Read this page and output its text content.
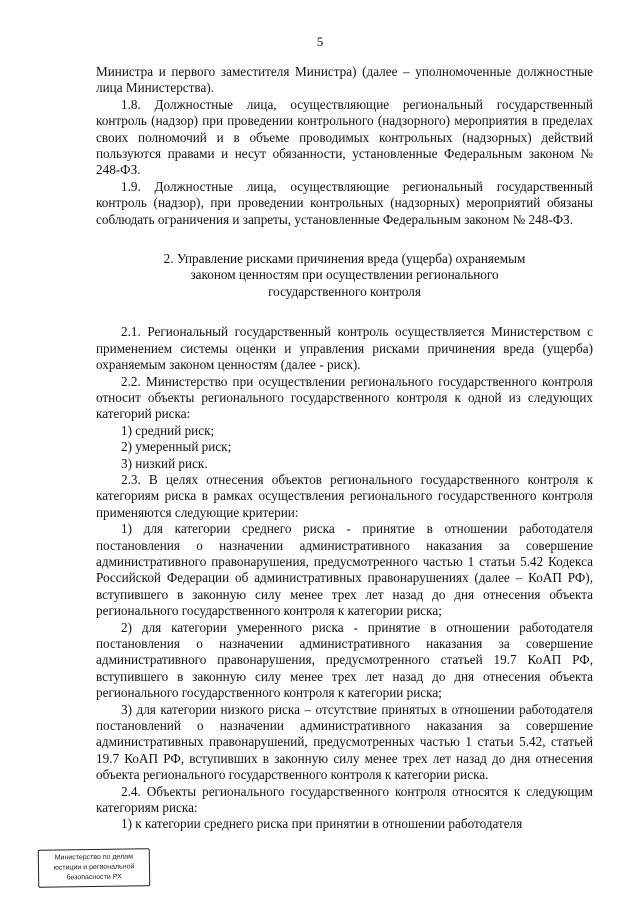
5

Министра и первого заместителя Министра) (далее – уполномоченные должностные лица Министерства).

1.8. Должностные лица, осуществляющие региональный государственный контроль (надзор) при проведении контрольного (надзорного) мероприятия в пределах своих полномочий и в объеме проводимых контрольных (надзорных) действий пользуются правами и несут обязанности, установленные Федеральным законом № 248-ФЗ.

1.9. Должностные лица, осуществляющие региональный государственный контроль (надзор), при проведении контрольных (надзорных) мероприятий обязаны соблюдать ограничения и запреты, установленные Федеральным законом № 248-ФЗ.

2. Управление рисками причинения вреда (ущерба) охраняемым
законом ценностям при осуществлении регионального
государственного контроля

2.1. Региональный государственный контроль осуществляется Министерством с применением системы оценки и управления рисками причинения вреда (ущерба) охраняемым законом ценностям (далее - риск).

2.2. Министерство при осуществлении регионального государственного контроля относит объекты регионального государственного контроля к одной из следующих категорий риска:

1) средний риск;

2) умеренный риск;

3) низкий риск.

2.3. В целях отнесения объектов регионального государственного контроля к категориям риска в рамках осуществления регионального государственного контроля применяются следующие критерии:

1) для категории среднего риска - принятие в отношении работодателя постановления о назначении административного наказания за совершение административного правонарушения, предусмотренного частью 1 статьи 5.42 Кодекса Российской Федерации об административных правонарушениях (далее – КоАП РФ), вступившего в законную силу менее трех лет назад до дня отнесения объекта регионального государственного контроля к категории риска;

2) для категории умеренного риска - принятие в отношении работодателя постановления о назначении административного наказания за совершение административного правонарушения, предусмотренного статьей 19.7 КоАП РФ, вступившего в законную силу менее трех лет назад до дня отнесения объекта регионального государственного контроля к категории риска;

3) для категории низкого риска – отсутствие принятых в отношении работодателя постановлений о назначении административного наказания за совершение административных правонарушений, предусмотренных частью 1 статьи 5.42, статьей 19.7 КоАП РФ, вступивших в законную силу менее трех лет назад до дня отнесения объекта регионального государственного контроля к категории риска.

2.4. Объекты регионального государственного контроля относятся к следующим категориям риска:

1) к категории среднего риска при принятии в отношении работодателя

Министерство по делам
юстиции и региональной
безопасности РХ
